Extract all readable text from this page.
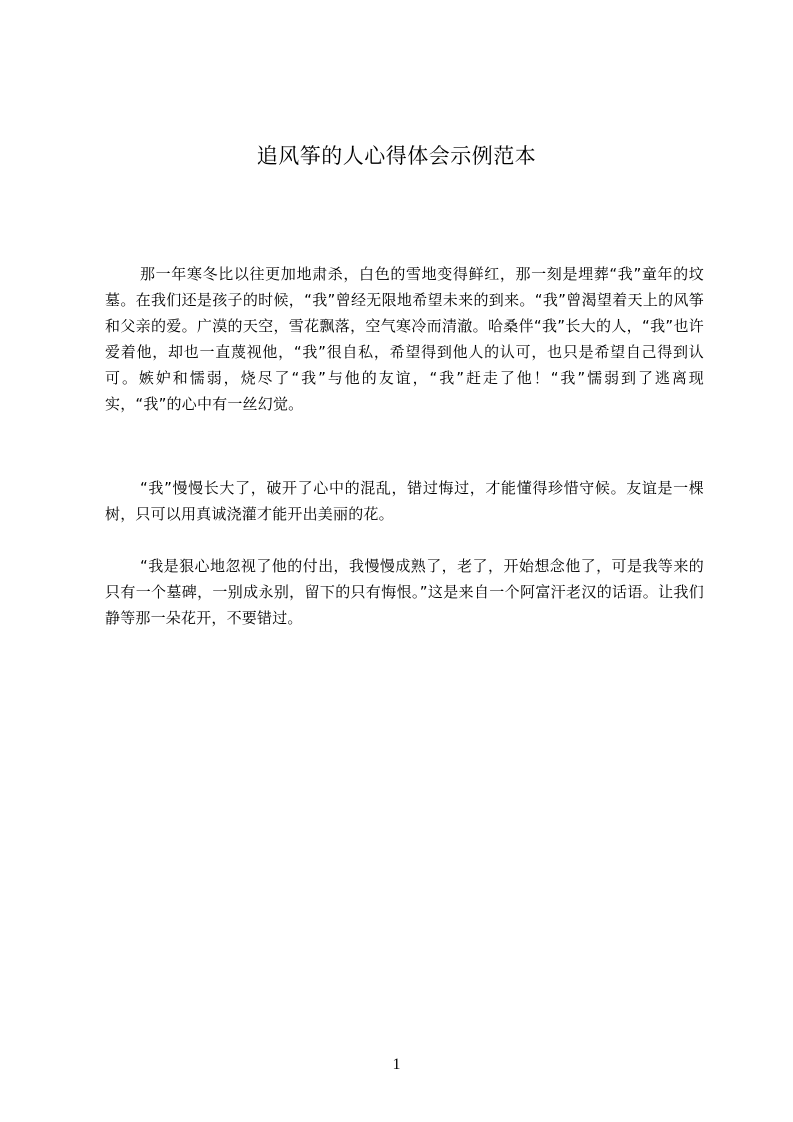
追风筝的人心得体会示例范本

那一年寒冬比以往更加地肃杀，白色的雪地变得鲜红，那一刻是埋葬“我”童年的坟墓。在我们还是孩子的时候，“我”曾经无限地希望未来的到来。“我”曾渴望着天上的风筝和父亲的爱。广漠的天空，雪花飘落，空气寒冷而清澈。哈桑伴“我”长大的人，“我”也许爱着他，却也一直蔑视他，“我”很自私，希望得到他人的认可，也只是希望自己得到认可。嫉妒和懦弱，烧尽了“我”与他的友谊，“我”赶走了他！“我”懦弱到了逃离现实，“我”的心中有一丝幻觉。

“我”慢慢长大了，破开了心中的混乱，错过悔过，才能懂得珍惜守候。友谊是一棵树，只可以用真诚浇灌才能开出美丽的花。

“我是狠心地忽视了他的付出，我慢慢成熟了，老了，开始想念他了，可是我等来的只有一个墓碑，一别成永别，留下的只有悔恨。”这是来自一个阿富汗老汉的话语。让我们静等那一朵花开，不要错过。

1
